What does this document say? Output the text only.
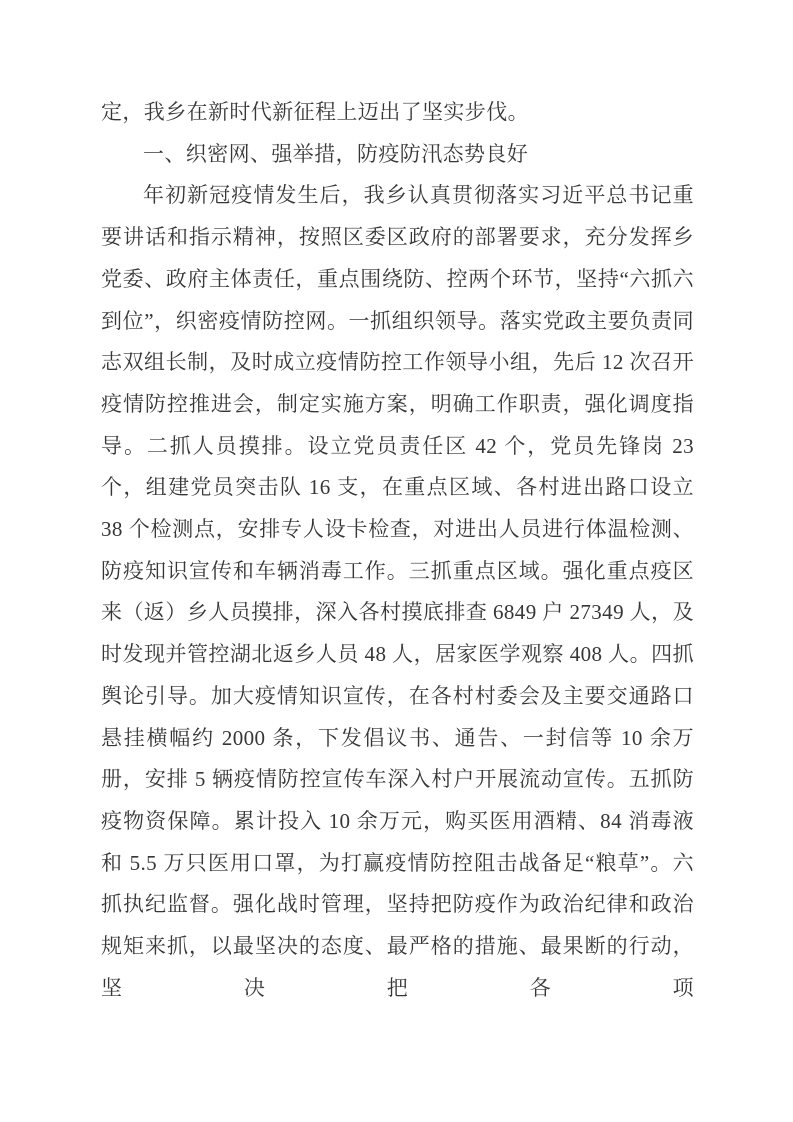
定，我乡在新时代新征程上迈出了坚实步伐。

一、织密网、强举措，防疫防汛态势良好

年初新冠疫情发生后，我乡认真贯彻落实习近平总书记重要讲话和指示精神，按照区委区政府的部署要求，充分发挥乡党委、政府主体责任，重点围绕防、控两个环节，坚持“六抓六到位”，织密疫情防控网。一抓组织领导。落实党政主要负责同志双组长制，及时成立疫情防控工作领导小组，先后 12 次召开疫情防控推进会，制定实施方案，明确工作职责，强化调度指导。二抓人员摸排。设立党员责任区 42 个，党员先锋岗 23 个，组建党员突击队 16 支，在重点区域、各村进出路口设立 38 个检测点，安排专人设卡检查，对进出人员进行体温检测、防疫知识宣传和车辆消毒工作。三抓重点区域。强化重点疫区来（返）乡人员摸排，深入各村摸底排查 6849 户 27349 人，及时发现并管控湖北返乡人员 48 人，居家医学观察 408 人。四抓舆论引导。加大疫情知识宣传，在各村村委会及主要交通路口悬挂横幅约 2000 条，下发倡议书、通告、一封信等 10 余万册，安排 5 辆疫情防控宣传车深入村户开展流动宣传。五抓防疫物资保障。累计投入 10 余万元，购买医用酒精、84 消毒液和 5.5 万只医用口罩，为打赢疫情防控阻击战备足“粮草”。六抓执纪监督。强化战时管理，坚持把防疫作为政治纪律和政治规矩来抓，以最坚决的态度、最严格的措施、最果断的行动，坚决把各项
